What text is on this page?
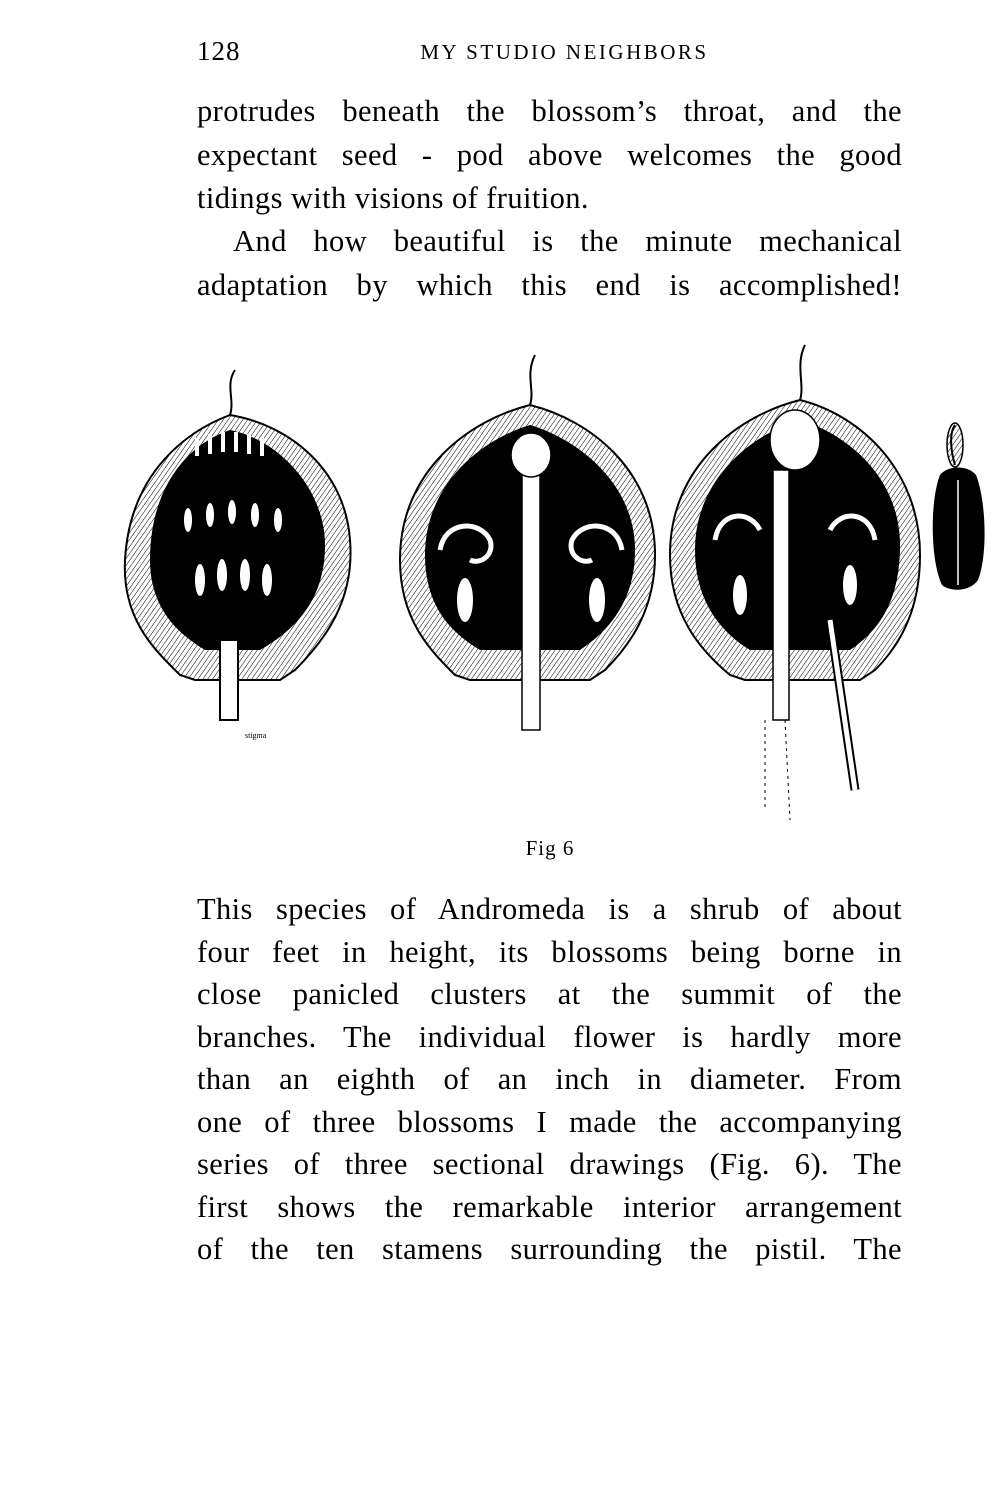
128	MY STUDIO NEIGHBORS

protrudes beneath the blossom’s throat, and the
expectant seed - pod above welcomes the good
tidings with visions of fruition.

And how beautiful is the minute mechanical
adaptation by which this end is accomplished!

stigma
Fig 6

This species of Andromeda is a shrub of about
four feet in height, its blossoms being borne in
close panicled clusters at the summit of the
branches. The individual flower is hardly more
than an eighth of an inch in diameter. From
one of three blossoms I made the accompanying
series of three sectional drawings (Fig. 6). The
first shows the remarkable interior arrangement
of the ten stamens surrounding the pistil. The
